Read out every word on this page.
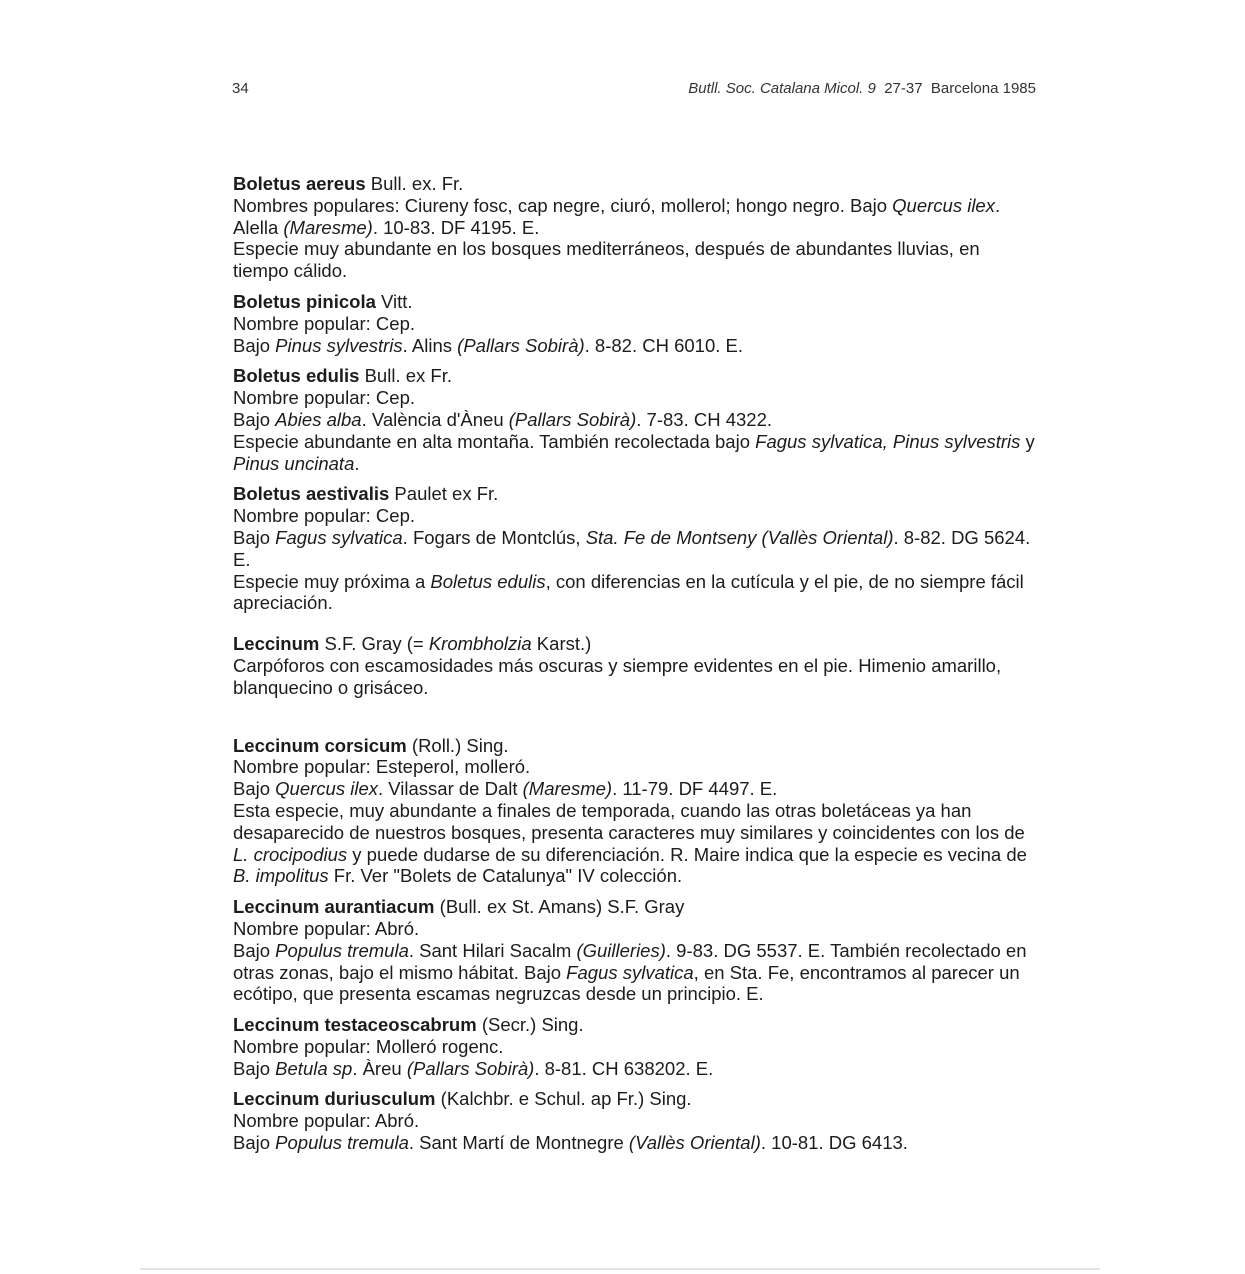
34	Butll. Soc. Catalana Micol. 9 27-37 Barcelona 1985

Boletus aereus Bull. ex. Fr.

Nombres populares: Ciureny fosc, cap negre, ciuró, mollerol; hongo negro. Bajo Quercus ilex. Alella (Maresme). 10-83. DF 4195. E.

Especie muy abundante en los bosques mediterráneos, después de abundantes lluvias, en tiempo cálido.

Boletus pinicola Vitt.

Nombre popular: Cep.

Bajo Pinus sylvestris. Alins (Pallars Sobirà). 8-82. CH 6010. E.

Boletus edulis Bull. ex Fr.

Nombre popular: Cep.

Bajo Abies alba. València d'Àneu (Pallars Sobirà). 7-83. CH 4322.

Especie abundante en alta montaña. También recolectada bajo Fagus sylvatica, Pinus sylvestris y Pinus uncinata.

Boletus aestivalis Paulet ex Fr.

Nombre popular: Cep.

Bajo Fagus sylvatica. Fogars de Montclús, Sta. Fe de Montseny (Vallès Oriental). 8-82. DG 5624. E.

Especie muy próxima a Boletus edulis, con diferencias en la cutícula y el pie, de no siempre fácil apreciación.

Leccinum S.F. Gray (= Krombholzia Karst.)

Carpóforos con escamosidades más oscuras y siempre evidentes en el pie. Himenio amarillo, blanquecino o grisáceo.

Leccinum corsicum (Roll.) Sing.

Nombre popular: Esteperol, molleró.

Bajo Quercus ilex. Vilassar de Dalt (Maresme). 11-79. DF 4497. E.

Esta especie, muy abundante a finales de temporada, cuando las otras boletáceas ya han desaparecido de nuestros bosques, presenta caracteres muy similares y coincidentes con los de L. crocipodius y puede dudarse de su diferenciación. R. Maire indica que la especie es vecina de B. impolitus Fr. Ver "Bolets de Catalunya" IV colección.

Leccinum aurantiacum (Bull. ex St. Amans) S.F. Gray

Nombre popular: Abró.

Bajo Populus tremula. Sant Hilari Sacalm (Guilleries). 9-83. DG 5537. E. También recolectado en otras zonas, bajo el mismo hábitat. Bajo Fagus sylvatica, en Sta. Fe, encontramos al parecer un ecótipo, que presenta escamas negruzcas desde un principio. E.

Leccinum testaceoscabrum (Secr.) Sing.

Nombre popular: Molleró rogenc.

Bajo Betula sp. Àreu (Pallars Sobirà). 8-81. CH 638202. E.

Leccinum duriusculum (Kalchbr. e Schul. ap Fr.) Sing.

Nombre popular: Abró.

Bajo Populus tremula. Sant Martí de Montnegre (Vallès Oriental). 10-81. DG 6413.
